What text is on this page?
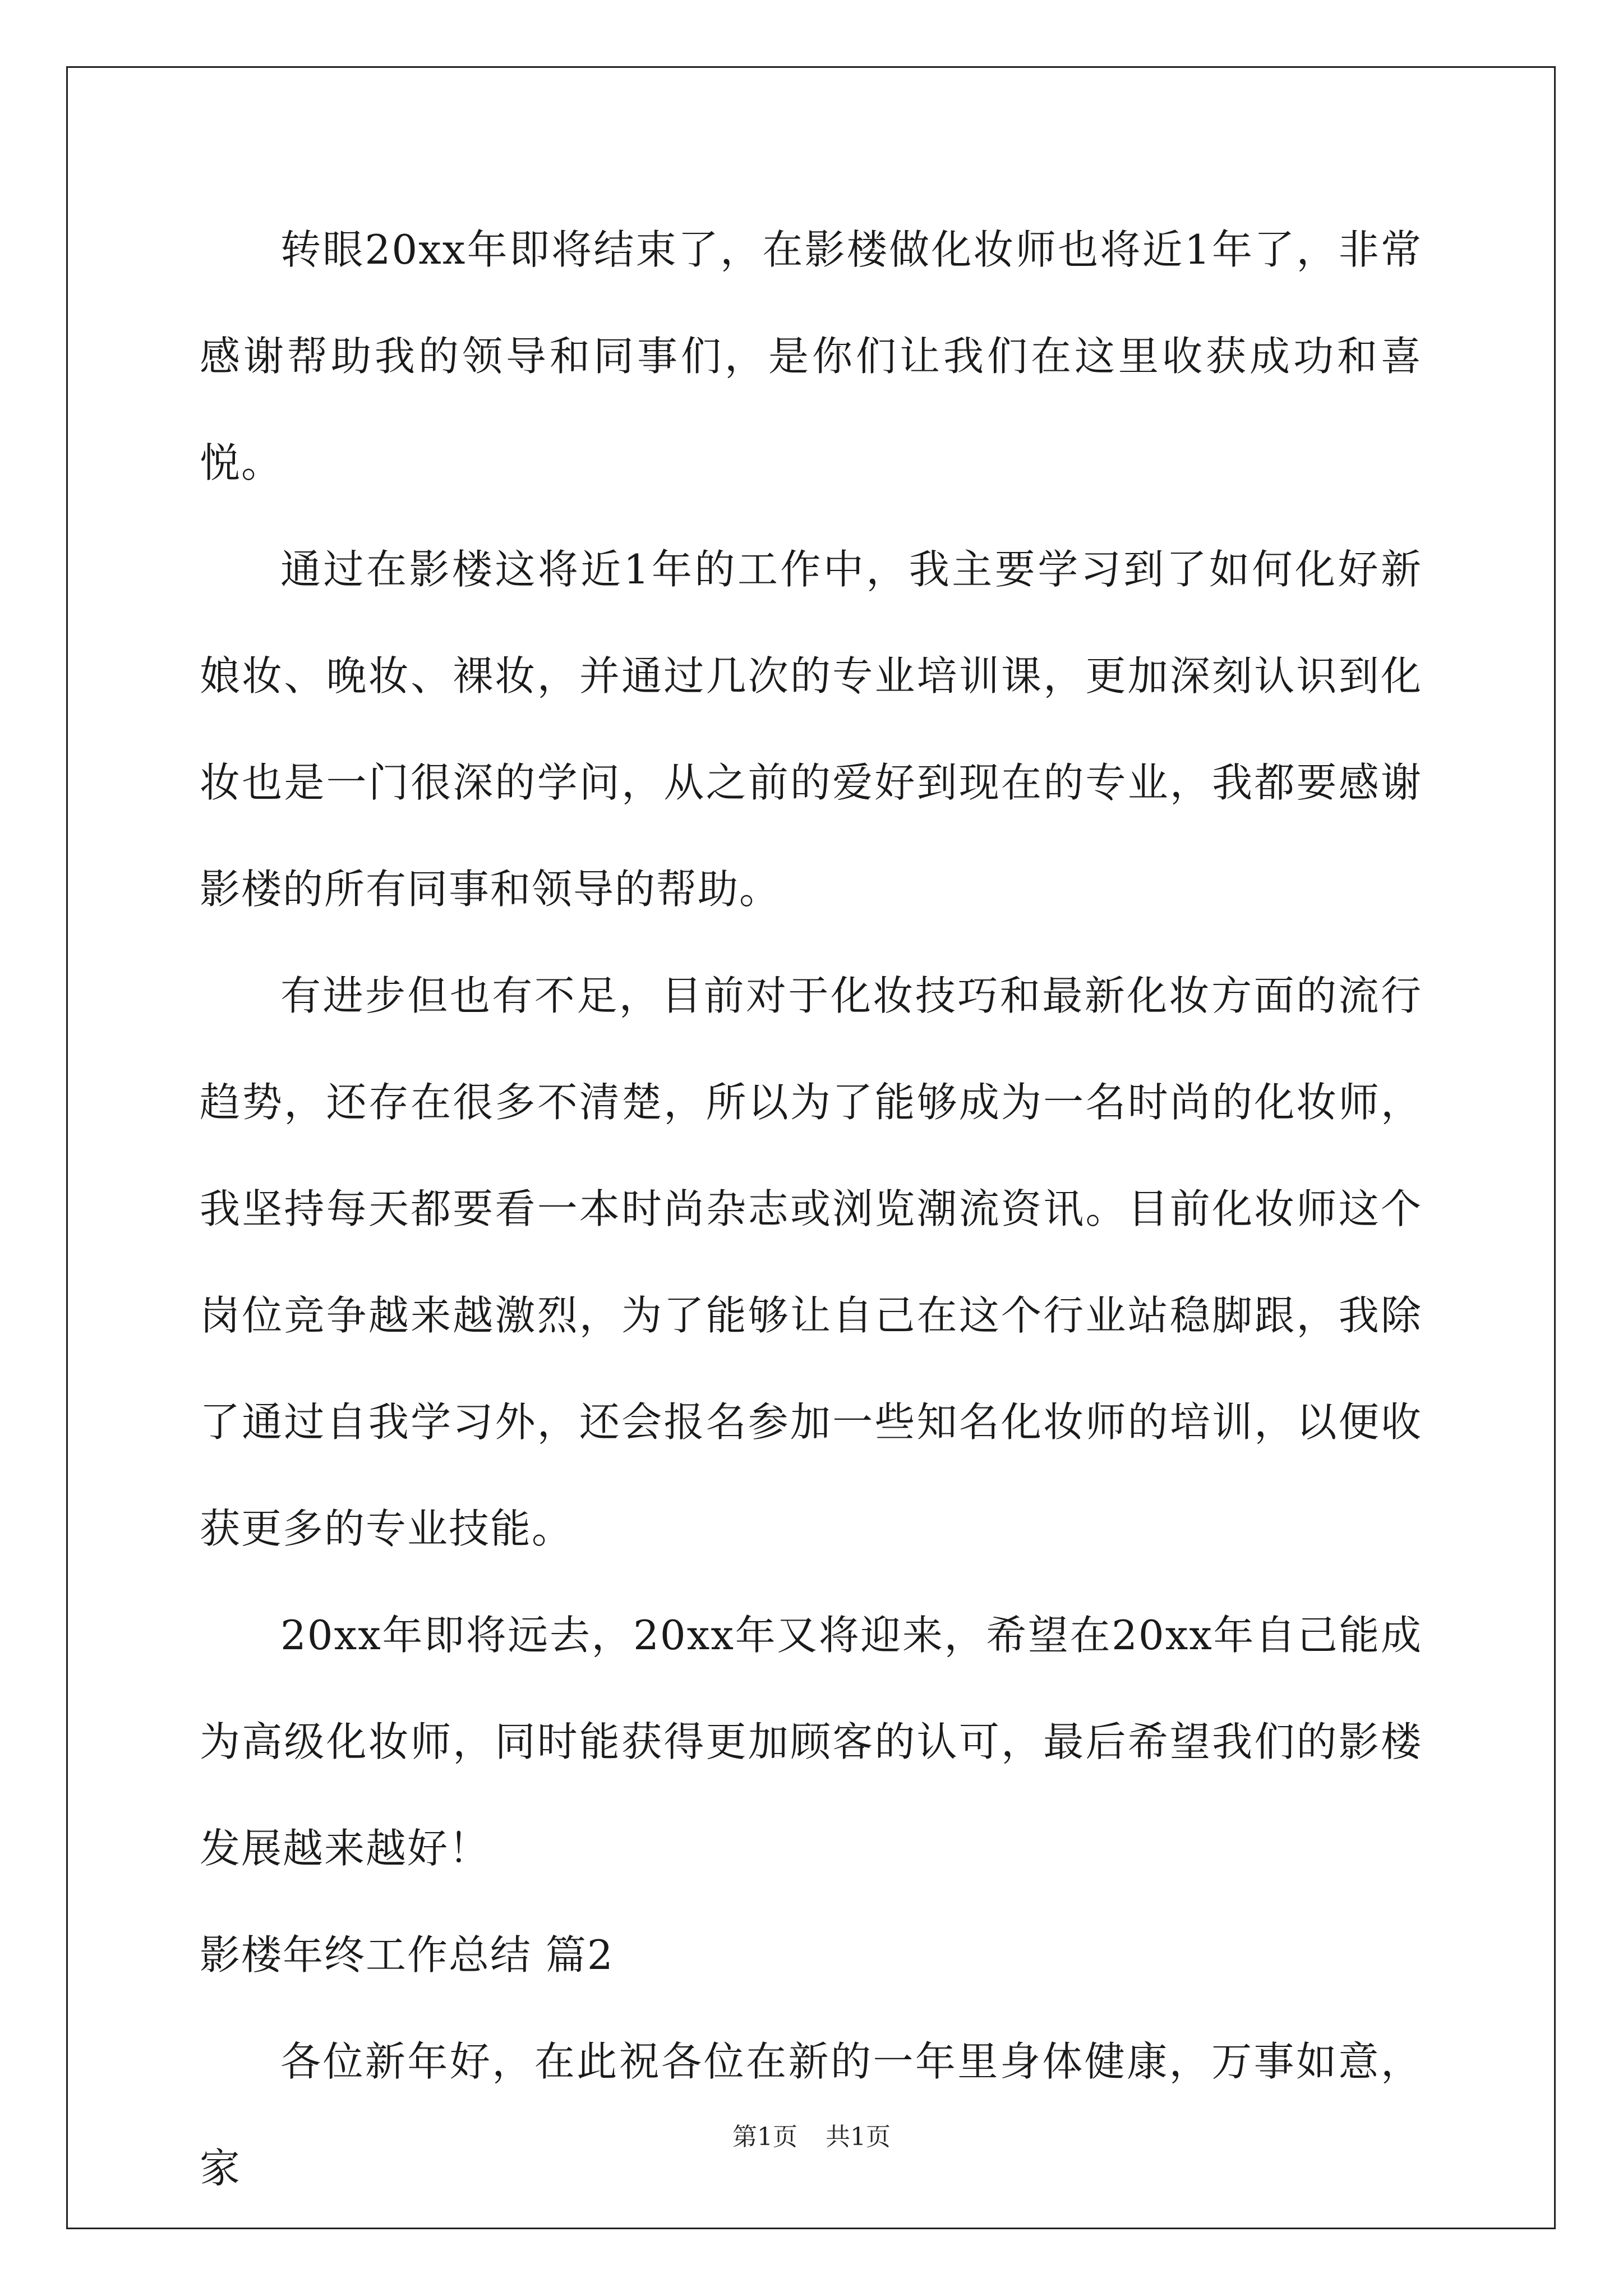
转眼20xx年即将结束了，在影楼做化妆师也将近1年了，非常感谢帮助我的领导和同事们，是你们让我们在这里收获成功和喜悦。

通过在影楼这将近1年的工作中，我主要学习到了如何化好新娘妆、晚妆、裸妆，并通过几次的专业培训课，更加深刻认识到化妆也是一门很深的学问，从之前的爱好到现在的专业，我都要感谢影楼的所有同事和领导的帮助。

有进步但也有不足，目前对于化妆技巧和最新化妆方面的流行趋势，还存在很多不清楚，所以为了能够成为一名时尚的化妆师，我坚持每天都要看一本时尚杂志或浏览潮流资讯。目前化妆师这个岗位竞争越来越激烈，为了能够让自己在这个行业站稳脚跟，我除了通过自我学习外，还会报名参加一些知名化妆师的培训，以便收获更多的专业技能。

20xx年即将远去，20xx年又将迎来，希望在20xx年自己能成为高级化妆师，同时能获得更加顾客的认可，最后希望我们的影楼发展越来越好！

影楼年终工作总结 篇2

各位新年好，在此祝各位在新的一年里身体健康，万事如意，家

第1页 共1页
